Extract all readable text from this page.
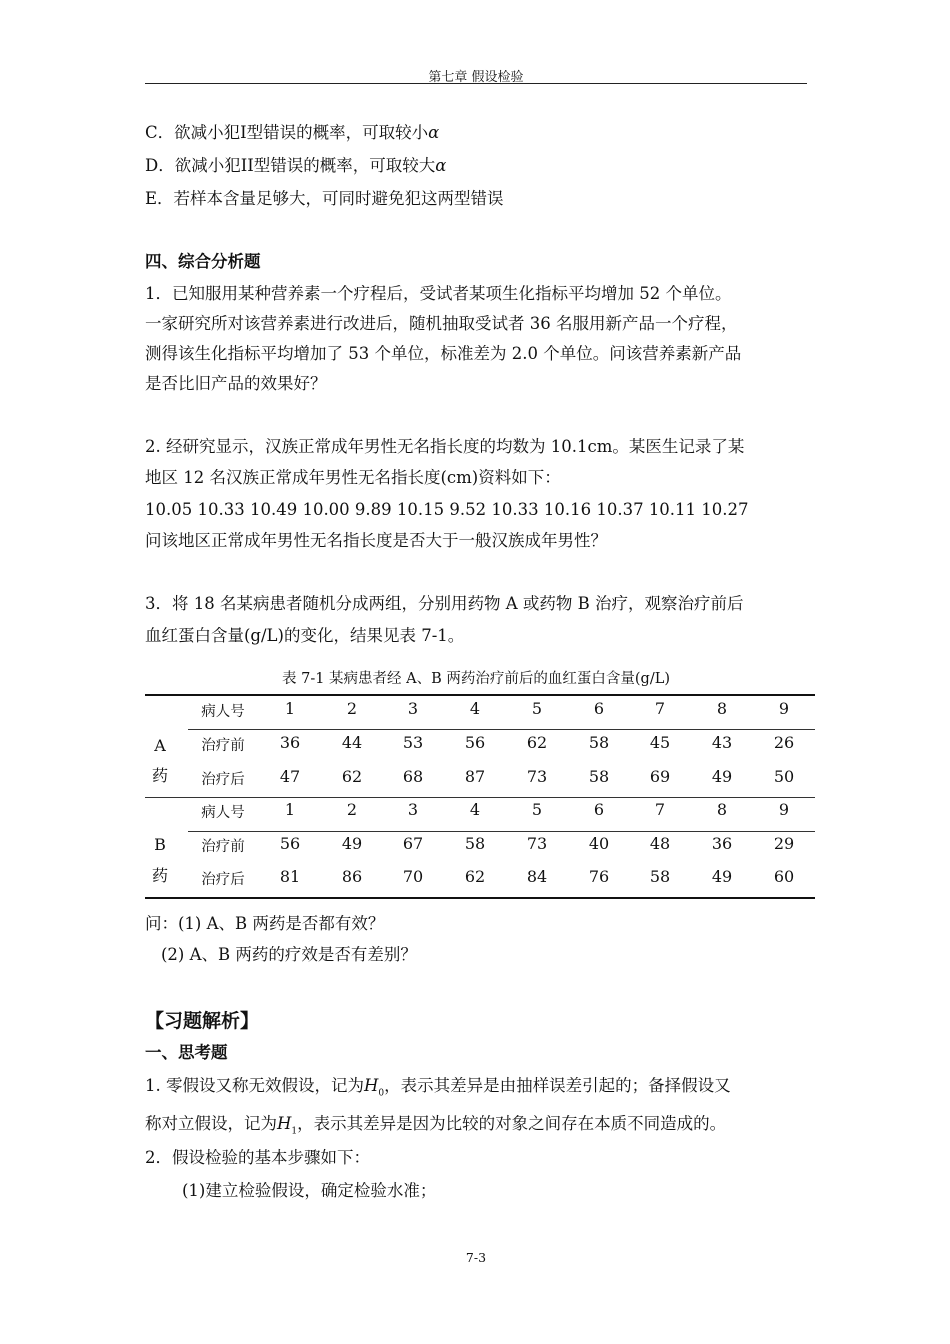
第七章 假设检验
C．欲减小犯I型错误的概率，可取较小α
D．欲减小犯II型错误的概率，可取较大α
E．若样本含量足够大，可同时避免犯这两型错误
四、综合分析题
1．已知服用某种营养素一个疗程后，受试者某项生化指标平均增加 52 个单位。
一家研究所对该营养素进行改进后，随机抽取受试者 36 名服用新产品一个疗程，
测得该生化指标平均增加了 53 个单位，标准差为 2.0 个单位。问该营养素新产品
是否比旧产品的效果好？
2. 经研究显示，汉族正常成年男性无名指长度的均数为 10.1cm。某医生记录了某
地区 12 名汉族正常成年男性无名指长度(cm)资料如下：
10.05 10.33 10.49 10.00 9.89 10.15 9.52 10.33 10.16 10.37 10.11 10.27
问该地区正常成年男性无名指长度是否大于一般汉族成年男性？
3．将 18 名某病患者随机分成两组，分别用药物 A 或药物 B 治疗，观察治疗前后
血红蛋白含量(g/L)的变化，结果见表 7-1。
表 7-1 某病患者经 A、B 两药治疗前后的血红蛋白含量(g/L)
A
药
B
药
病人号	1	2	3	4	5	6	7	8	9
治疗前	36	44	53	56	62	58	45	43	26
治疗后	47	62	68	87	73	58	69	49	50
病人号	1	2	3	4	5	6	7	8	9
治疗前	56	49	67	58	73	40	48	36	29
治疗后	81	86	70	62	84	76	58	49	60
问：(1) A、B 两药是否都有效？
(2) A、B 两药的疗效是否有差别？
【习题解析】
一、思考题
1. 零假设又称无效假设，记为$H_0$，表示其差异是由抽样误差引起的；备择假设又
称对立假设，记为$H_1$，表示其差异是因为比较的对象之间存在本质不同造成的。
2．假设检验的基本步骤如下：
(1)建立检验假设，确定检验水准；
7-3
